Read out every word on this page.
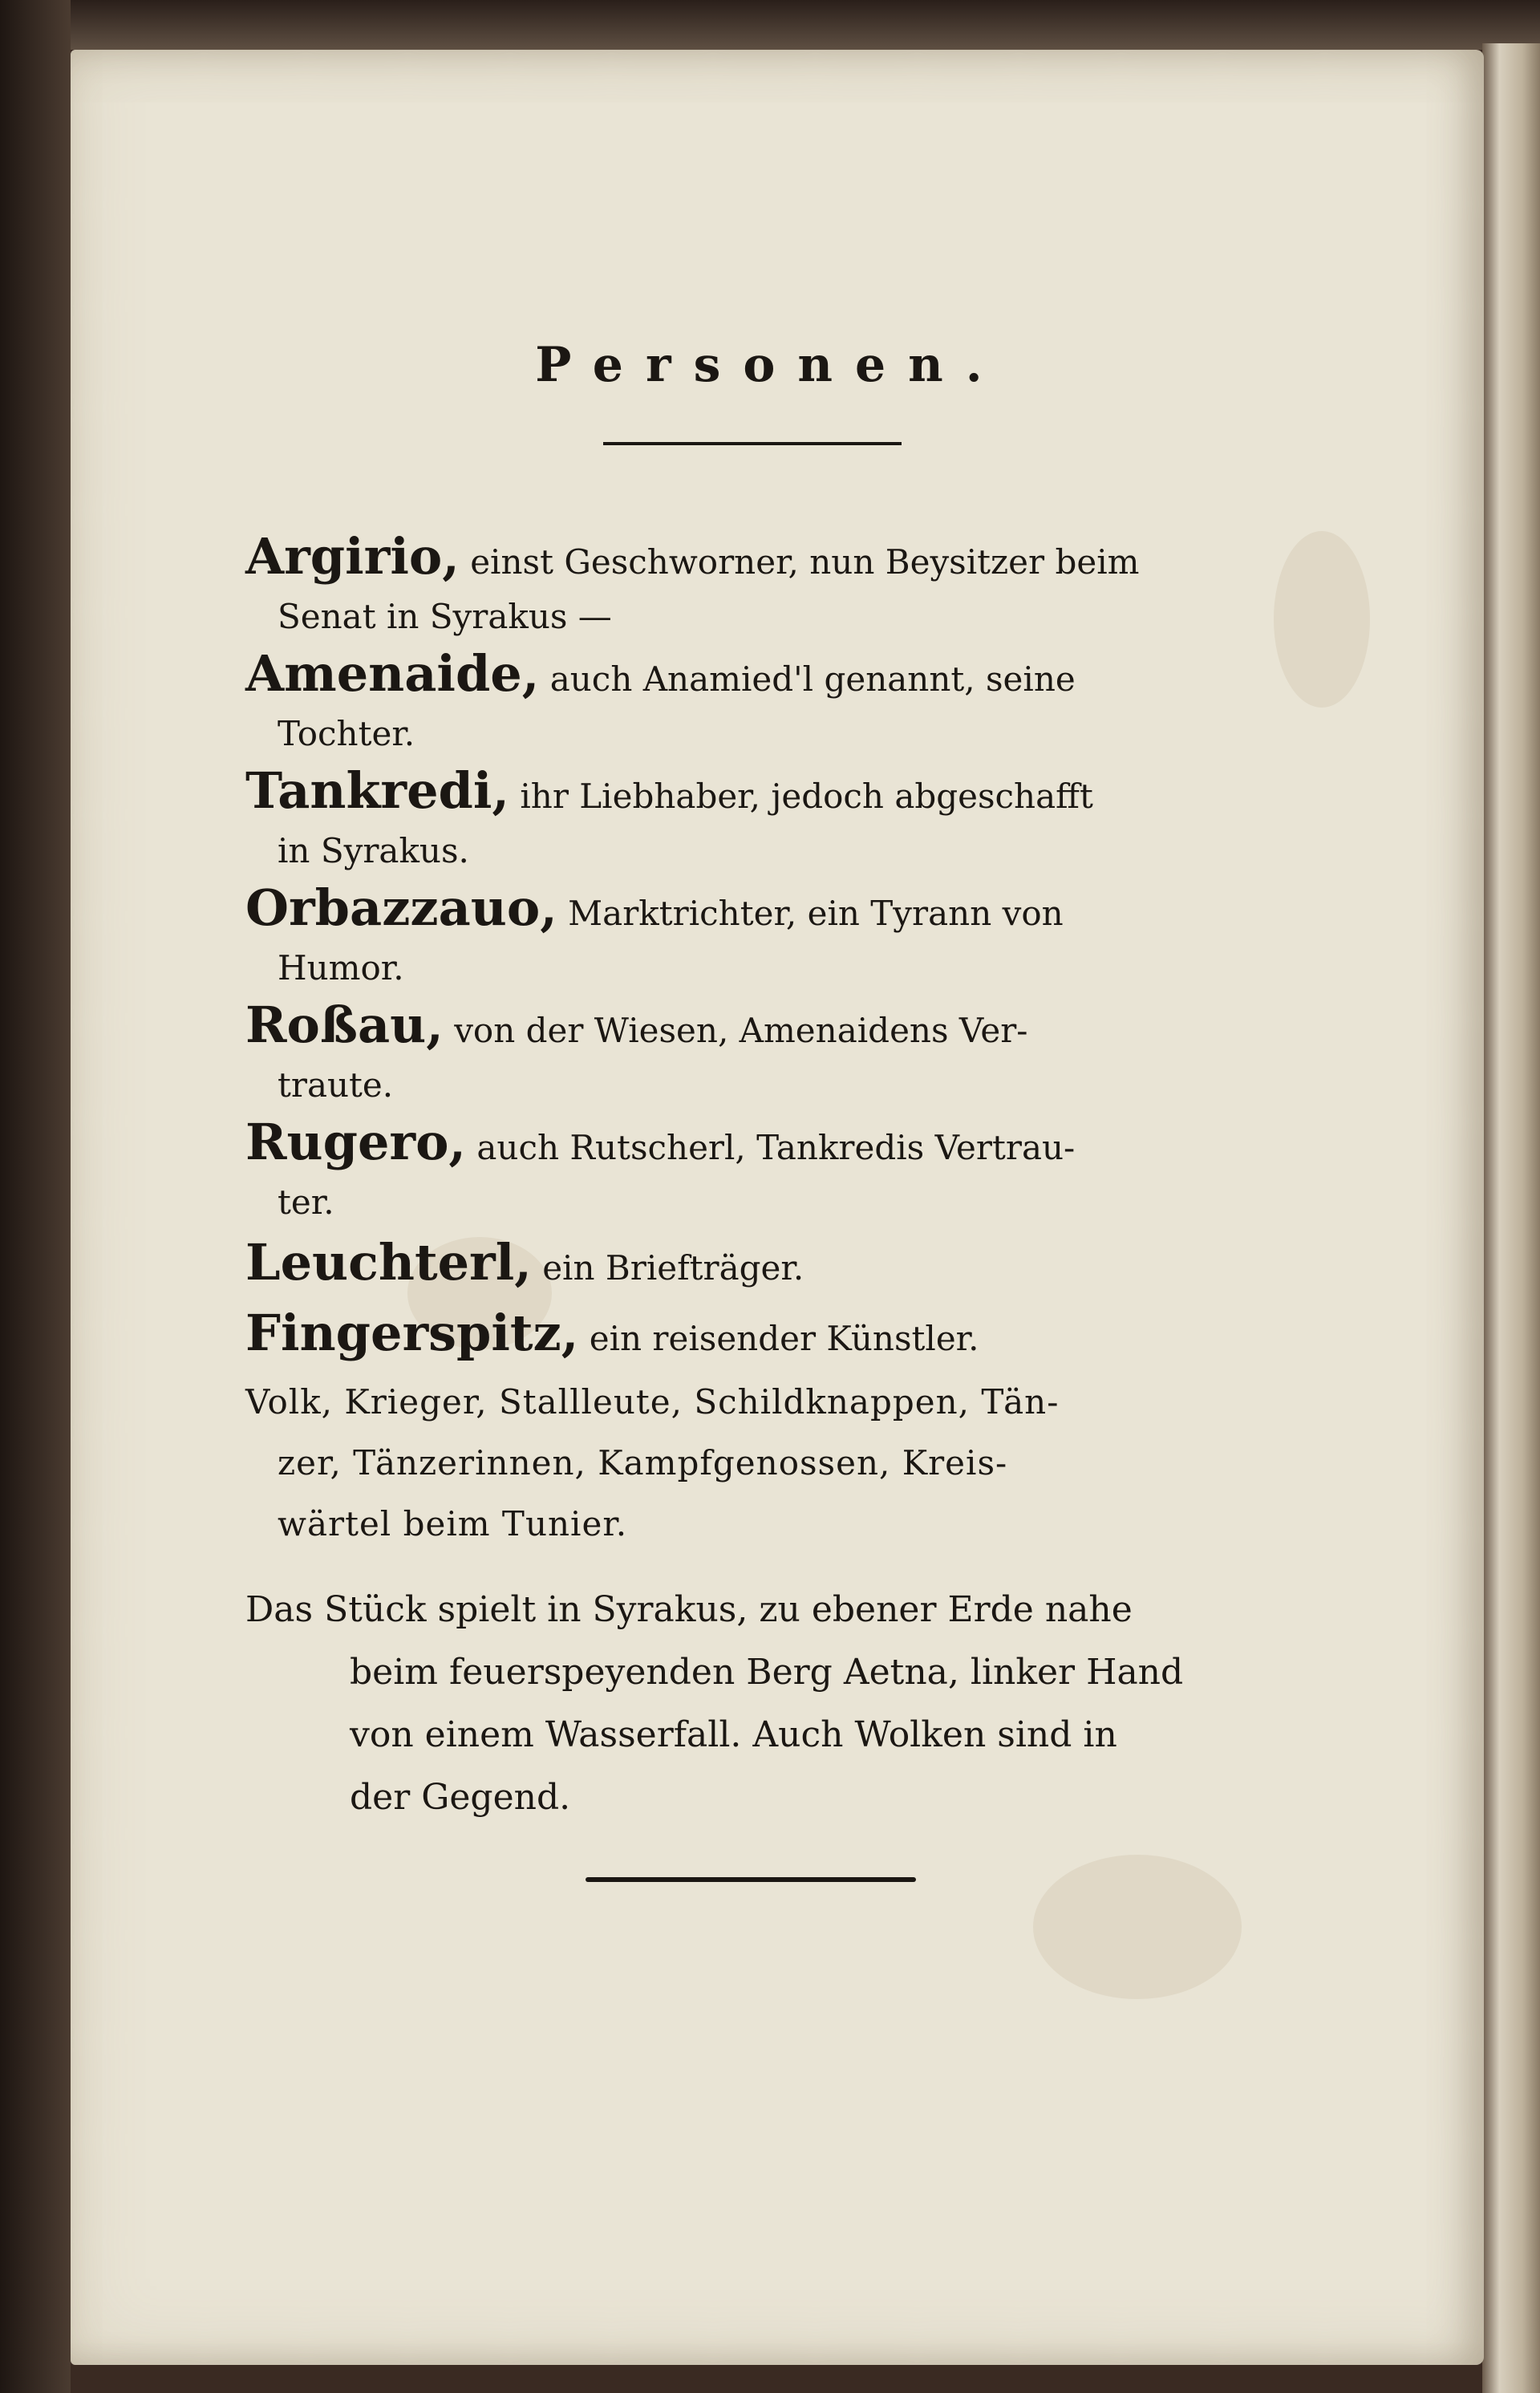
Personen.
Argirio, einst Geschworner, nun Beysitzer beim
Senat in Syrakus —
Amenaide, auch Anamied'l genannt, seine
Tochter.
Tankredi, ihr Liebhaber, jedoch abgeschafft
in Syrakus.
Orbazzauo, Marktrichter, ein Tyrann von
Humor.
Roßau, von der Wiesen, Amenaidens Ver-
traute.
Rugero, auch Rutscherl, Tankredis Vertrau-
ter.
Leuchterl, ein Briefträger.
Fingerspitz, ein reisender Künstler.
Volk, Krieger, Stallleute, Schildknappen, Tän-
zer, Tänzerinnen, Kampfgenossen, Kreis-
wärtel beim Tunier.
Das Stück spielt in Syrakus, zu ebener Erde nahe
beim feuerspeyenden Berg Aetna, linker Hand
von einem Wasserfall. Auch Wolken sind in
der Gegend.
